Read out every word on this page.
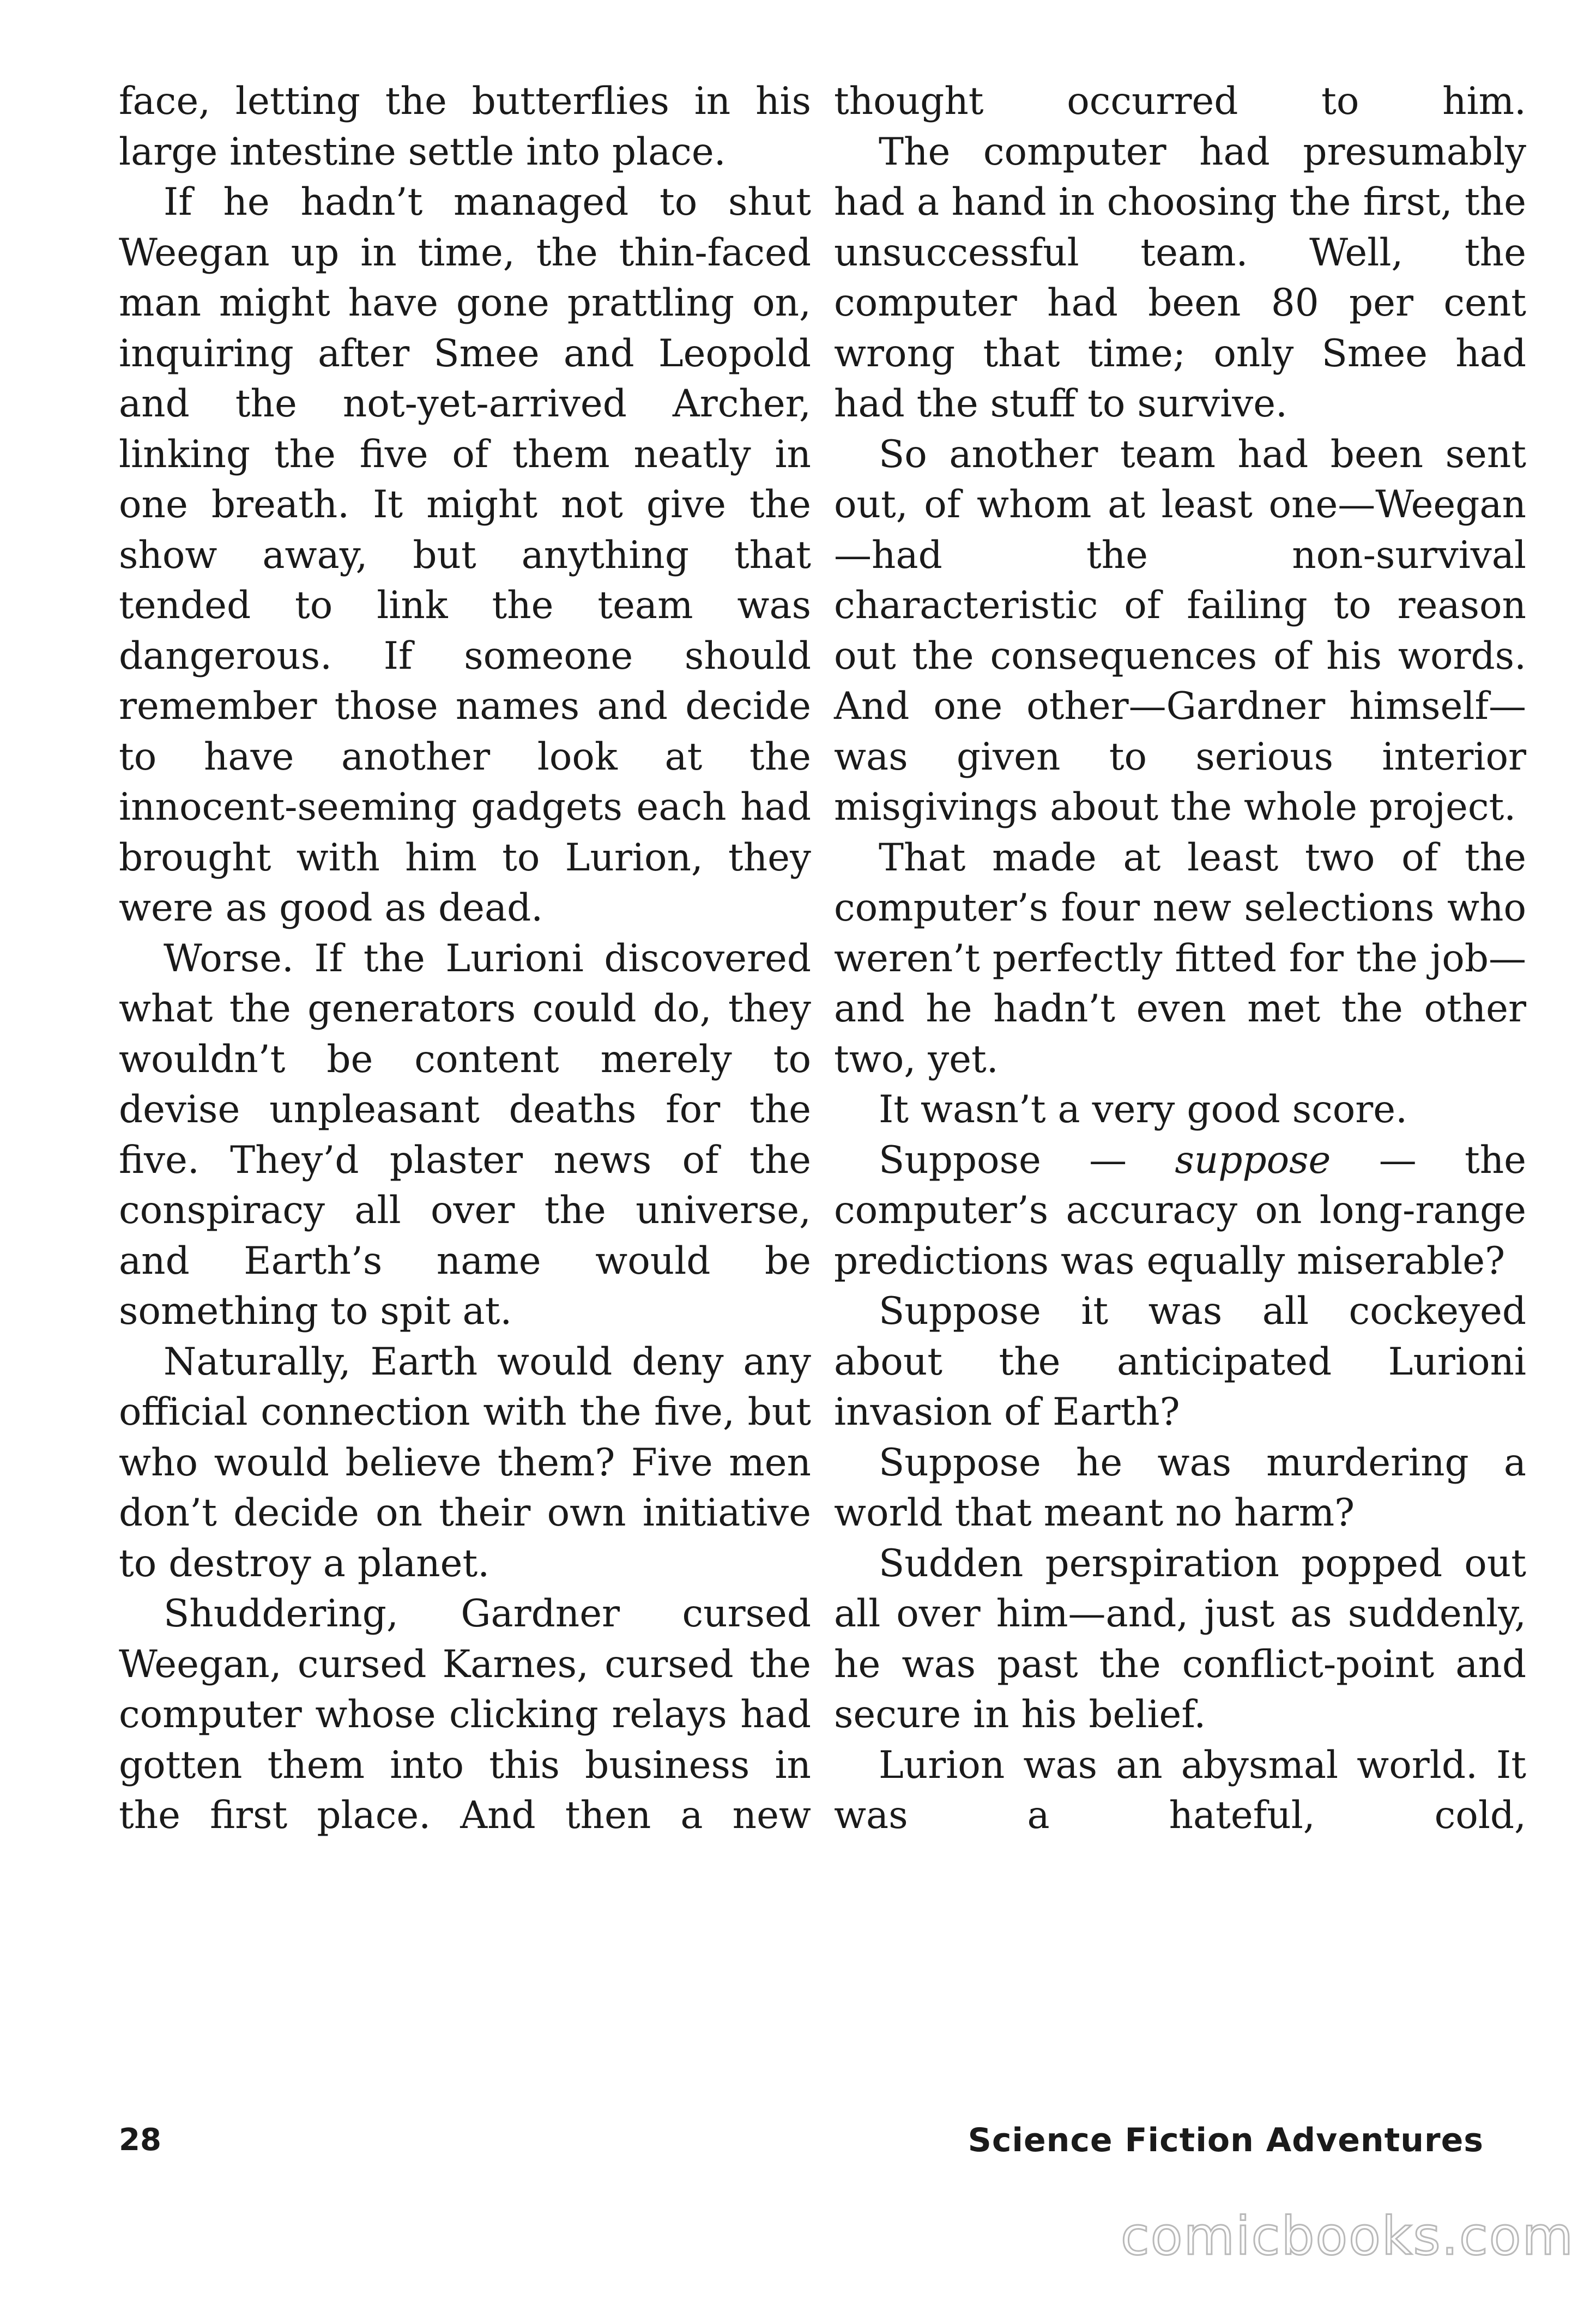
face, letting the butterflies in his large intestine settle into place.

If he hadn’t managed to shut Weegan up in time, the thin-faced man might have gone prattling on, inquiring after Smee and Leopold and the not-yet-arrived Archer, linking the five of them neatly in one breath. It might not give the show away, but anything that tended to link the team was dangerous. If someone should remember those names and decide to have another look at the innocent-seeming gadgets each had brought with him to Lurion, they were as good as dead.

Worse. If the Lurioni discovered what the generators could do, they wouldn’t be content merely to devise unpleasant deaths for the five. They’d plaster news of the conspiracy all over the universe, and Earth’s name would be something to spit at.

Naturally, Earth would deny any official connection with the five, but who would believe them? Five men don’t decide on their own initiative to destroy a planet.

Shuddering, Gardner cursed Weegan, cursed Karnes, cursed the computer whose clicking relays had gotten them into this business in the first place. And then a new

thought occurred to him.

The computer had presumably had a hand in choosing the first, the unsuccessful team. Well, the computer had been 80 per cent wrong that time; only Smee had had the stuff to survive.

So another team had been sent out, of whom at least one—Weegan—had the non-survival characteristic of failing to reason out the consequences of his words. And one other—Gardner himself—was given to serious interior misgivings about the whole project.

That made at least two of the computer’s four new selections who weren’t perfectly fitted for the job—and he hadn’t even met the other two, yet.

It wasn’t a very good score.

Suppose — suppose — the computer’s accuracy on long-range predictions was equally miserable?

Suppose it was all cockeyed about the anticipated Lurioni invasion of Earth?

Suppose he was murdering a world that meant no harm?

Sudden perspiration popped out all over him—and, just as suddenly, he was past the conflict-point and secure in his belief.

Lurion was an abysmal world. It was a hateful, cold,

28	Science Fiction Adventures
comicbooks.com
